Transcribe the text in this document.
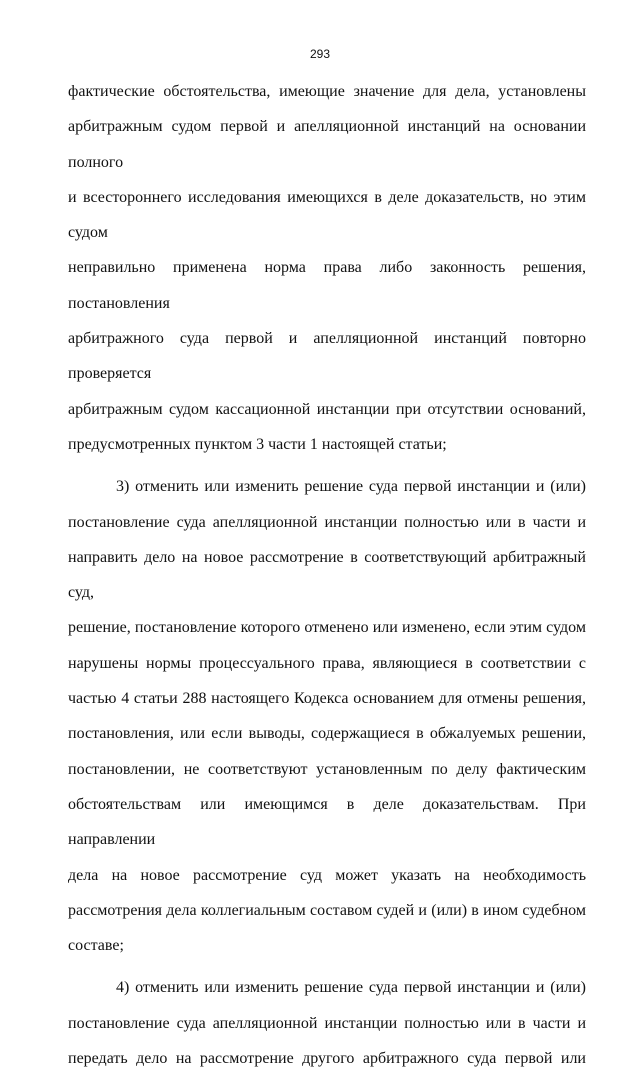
293
фактические обстоятельства, имеющие значение для дела, установлены
арбитражным судом первой и апелляционной инстанций на основании полного
и всестороннего исследования имеющихся в деле доказательств, но этим судом
неправильно применена норма права либо законность решения, постановления
арбитражного суда первой и апелляционной инстанций повторно проверяется
арбитражным судом кассационной инстанции при отсутствии оснований,
предусмотренных пунктом 3 части 1 настоящей статьи;
3) отменить или изменить решение суда первой инстанции и (или)
постановление суда апелляционной инстанции полностью или в части и
направить дело на новое рассмотрение в соответствующий арбитражный суд,
решение, постановление которого отменено или изменено, если этим судом
нарушены нормы процессуального права, являющиеся в соответствии с
частью 4 статьи 288 настоящего Кодекса основанием для отмены решения,
постановления, или если выводы, содержащиеся в обжалуемых решении,
постановлении, не соответствуют установленным по делу фактическим
обстоятельствам или имеющимся в деле доказательствам. При направлении
дела на новое рассмотрение суд может указать на необходимость
рассмотрения дела коллегиальным составом судей и (или) в ином судебном
составе;
4) отменить или изменить решение суда первой инстанции и (или)
постановление суда апелляционной инстанции полностью или в части и
передать дело на рассмотрение другого арбитражного суда первой или
